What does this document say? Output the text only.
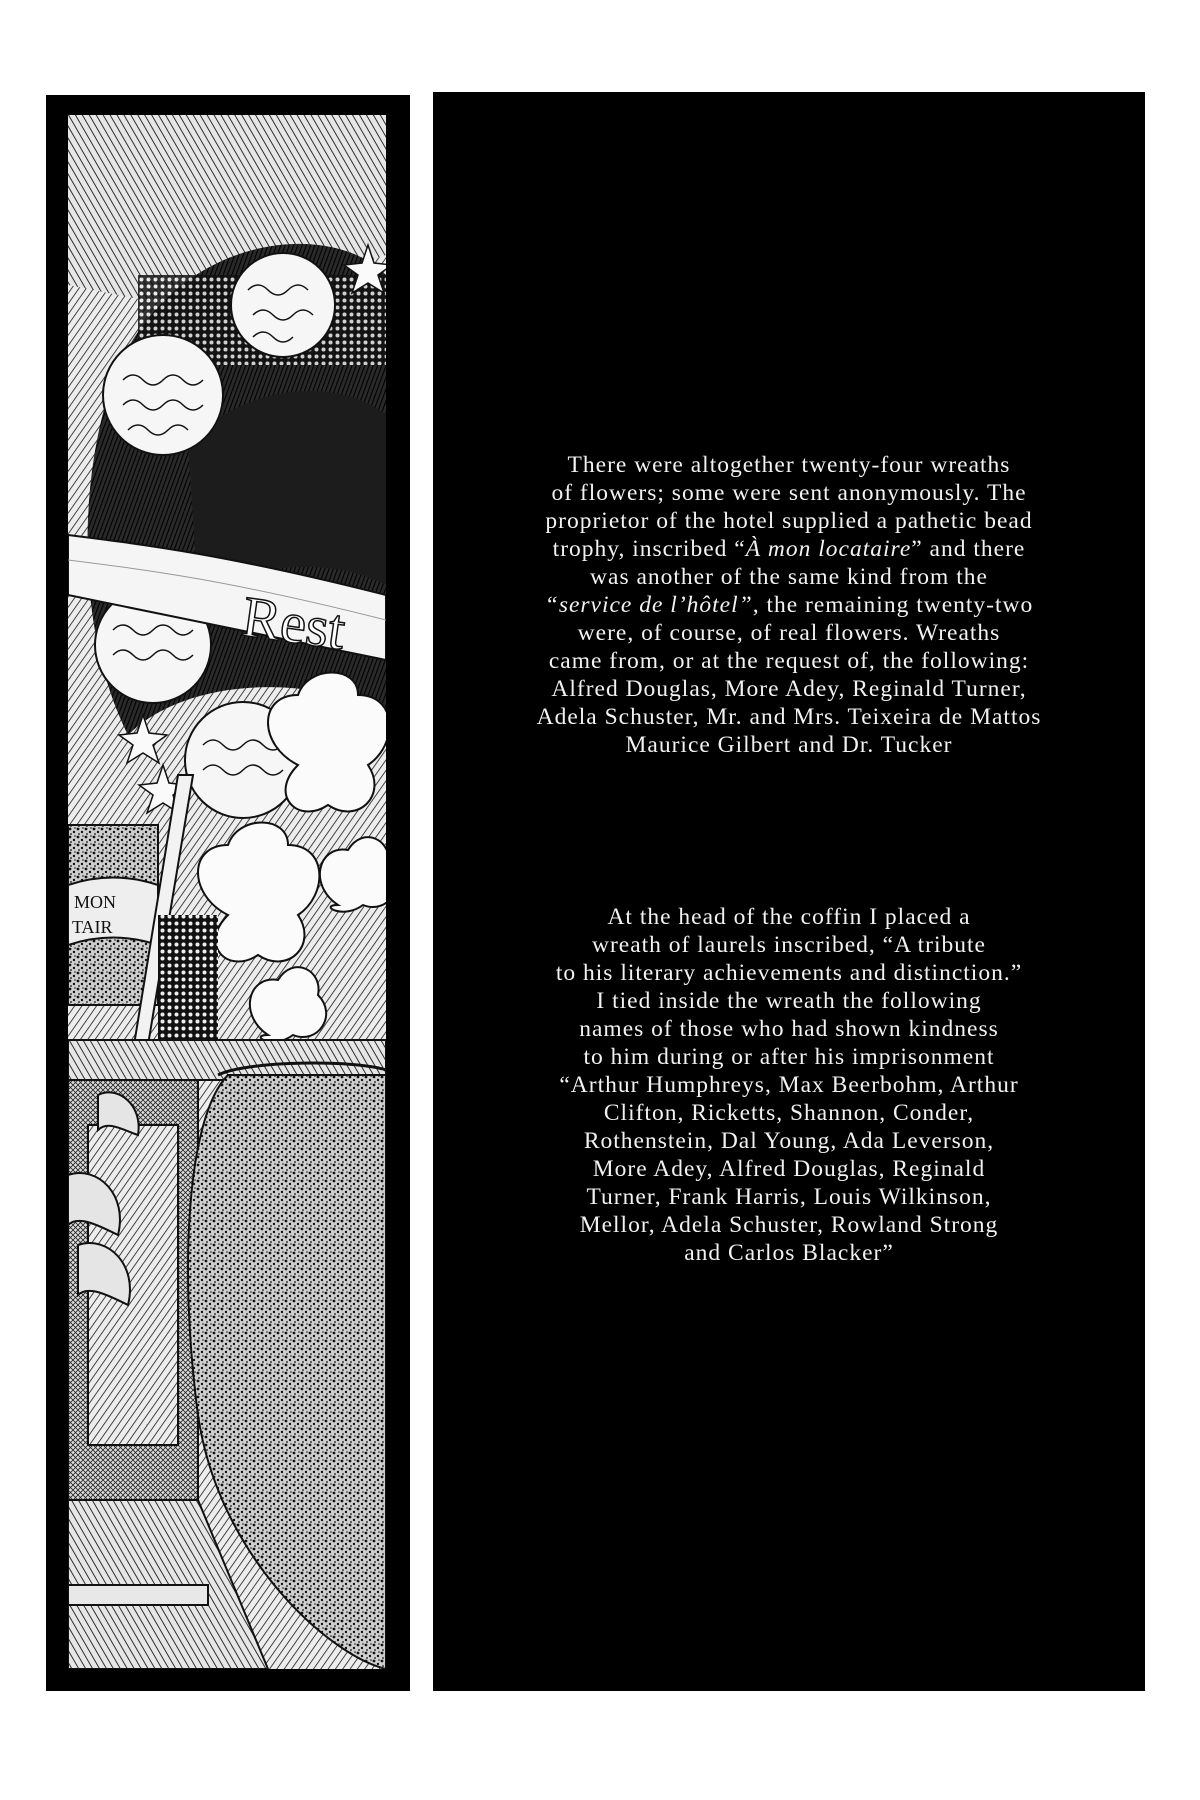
Rest
MON
TAIR
There were altogether twenty-four wreaths
of flowers; some were sent anonymously. The
proprietor of the hotel supplied a pathetic bead
trophy, inscribed “À mon locataire” and there
was another of the same kind from the
“service de l’hôtel”, the remaining twenty-two
were, of course, of real flowers. Wreaths
came from, or at the request of, the following:
Alfred Douglas, More Adey, Reginald Turner,
Adela Schuster, Mr. and Mrs. Teixeira de Mattos
Maurice Gilbert and Dr. Tucker
At the head of the coffin I placed a
wreath of laurels inscribed, “A tribute
to his literary achievements and distinction.”
I tied inside the wreath the following
names of those who had shown kindness
to him during or after his imprisonment
“Arthur Humphreys, Max Beerbohm, Arthur
Clifton, Ricketts, Shannon, Conder,
Rothenstein, Dal Young, Ada Leverson,
More Adey, Alfred Douglas, Reginald
Turner, Frank Harris, Louis Wilkinson,
Mellor, Adela Schuster, Rowland Strong
and Carlos Blacker”
